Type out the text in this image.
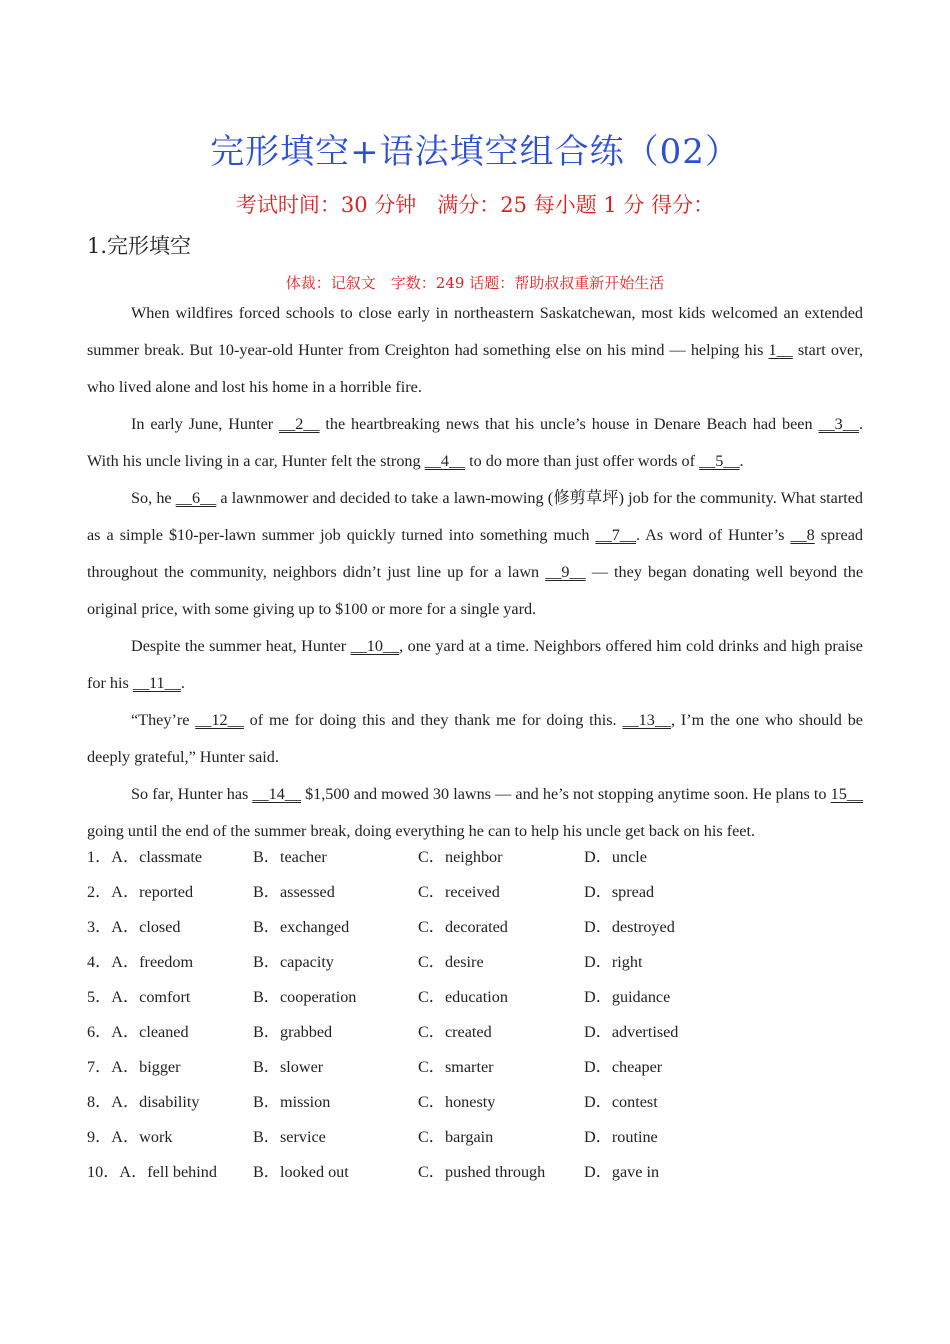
完形填空+语法填空组合练（02）
考试时间：30 分钟　满分：25 每小题 1 分 得分：
1.完形填空
体裁：记叙文　字数：249 话题：帮助叔叔重新开始生活

When wildfires forced schools to close early in northeastern Saskatchewan, most kids welcomed an extended summer break. But 10-year-old Hunter from Creighton had something else on his mind — helping his 1__ start over, who lived alone and lost his home in a horrible fire.

In early June, Hunter __2__ the heartbreaking news that his uncle’s house in Denare Beach had been __3__. With his uncle living in a car, Hunter felt the strong __4__ to do more than just offer words of __5__.

So, he __6__ a lawnmower and decided to take a lawn-mowing (修剪草坪) job for the community. What started as a simple $10-per-lawn summer job quickly turned into something much __7__. As word of Hunter’s __8 spread throughout the community, neighbors didn’t just line up for a lawn __9__ — they began donating well beyond the original price, with some giving up to $100 or more for a single yard.

Despite the summer heat, Hunter __10__, one yard at a time. Neighbors offered him cold drinks and high praise for his __11__.

“They’re __12__ of me for doing this and they thank me for doing this. __13__, I’m the one who should be deeply grateful,” Hunter said.

So far, Hunter has __14__ $1,500 and mowed 30 lawns — and he’s not stopping anytime soon. He plans to 15__ going until the end of the summer break, doing everything he can to help his uncle get back on his feet.

1．A．classmate	B．teacher	C．neighbor	D．uncle
2．A．reported	B．assessed	C．received	D．spread
3．A．closed	B．exchanged	C．decorated	D．destroyed
4．A．freedom	B．capacity	C．desire	D．right
5．A．comfort	B．cooperation	C．education	D．guidance
6．A．cleaned	B．grabbed	C．created	D．advertised
7．A．bigger	B．slower	C．smarter	D．cheaper
8．A．disability	B．mission	C．honesty	D．contest
9．A．work	B．service	C．bargain	D．routine
10．A．fell behind B．looked out	C．pushed through D．gave in
